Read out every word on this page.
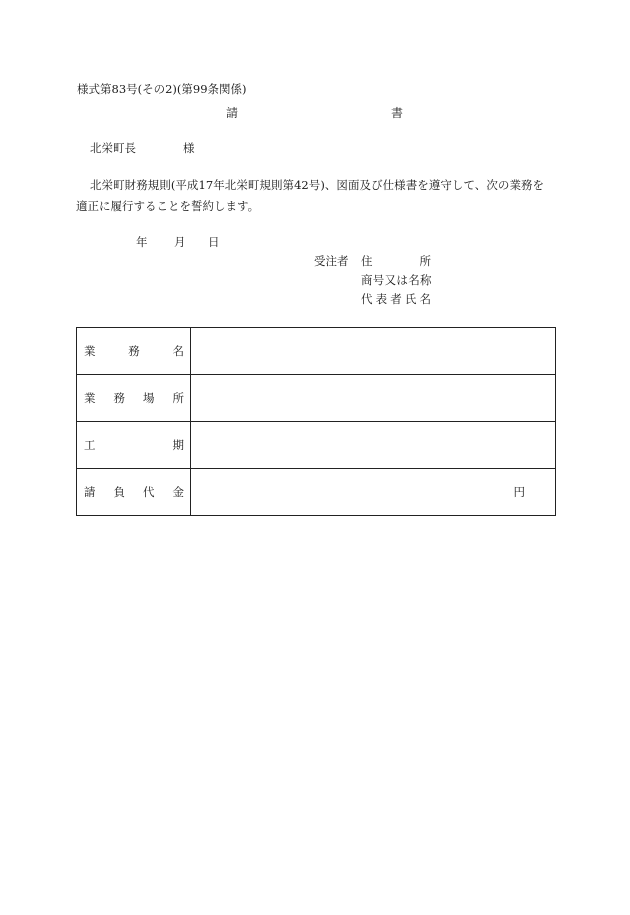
様式第83号(その2)(第99条関係)
請	書
北栄町長	様
北栄町財務規則(平成17年北栄町規則第42号)、図面及び仕様書を遵守して、次の業務を
適正に履行することを誓約します。
年 月 日
受注者 住	所
商号又は名称
代 表 者 氏 名
業 務 名	

業 務 場 所	

工 期	

請 負 代 金	円
